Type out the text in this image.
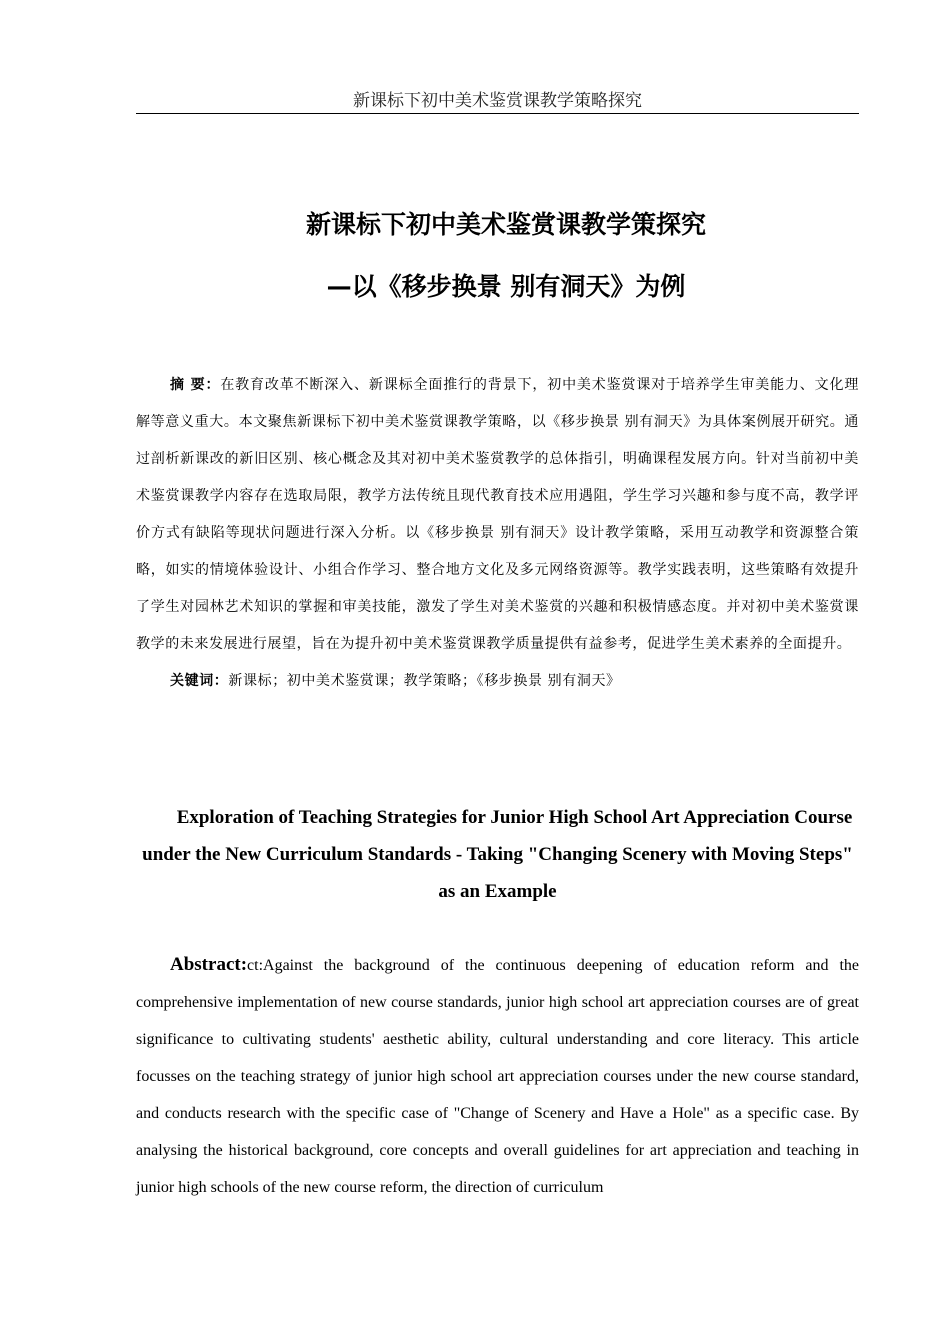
新课标下初中美术鉴赏课教学策略探究
新课标下初中美术鉴赏课教学策探究
—以《移步换景 别有洞天》为例

摘 要：在教育改革不断深入、新课标全面推行的背景下，初中美术鉴赏课对于培养学生审美能力、文化理解等意义重大。本文聚焦新课标下初中美术鉴赏课教学策略，以《移步换景 别有洞天》为具体案例展开研究。通过剖析新课改的新旧区别、核心概念及其对初中美术鉴赏教学的总体指引，明确课程发展方向。针对当前初中美术鉴赏课教学内容存在选取局限，教学方法传统且现代教育技术应用遇阻，学生学习兴趣和参与度不高，教学评价方式有缺陷等现状问题进行深入分析。以《移步换景 别有洞天》设计教学策略，采用互动教学和资源整合策略，如实的情境体验设计、小组合作学习、整合地方文化及多元网络资源等。教学实践表明，这些策略有效提升了学生对园林艺术知识的掌握和审美技能，激发了学生对美术鉴赏的兴趣和积极情感态度。并对初中美术鉴赏课教学的未来发展进行展望，旨在为提升初中美术鉴赏课教学质量提供有益参考，促进学生美术素养的全面提升。

关键词：新课标；初中美术鉴赏课；教学策略；《移步换景 别有洞天》

Exploration of Teaching Strategies for Junior High School Art Appreciation Course under the New Curriculum Standards - Taking "Changing Scenery with Moving Steps" as an Example

Abstract:ct:Against the background of the continuous deepening of education reform and the comprehensive implementation of new course standards, junior high school art appreciation courses are of great significance to cultivating students' aesthetic ability, cultural understanding and core literacy. This article focusses on the teaching strategy of junior high school art appreciation courses under the new course standard, and conducts research with the specific case of "Change of Scenery and Have a Hole" as a specific case. By analysing the historical background, core concepts and overall guidelines for art appreciation and teaching in junior high schools of the new course reform, the direction of curriculum
